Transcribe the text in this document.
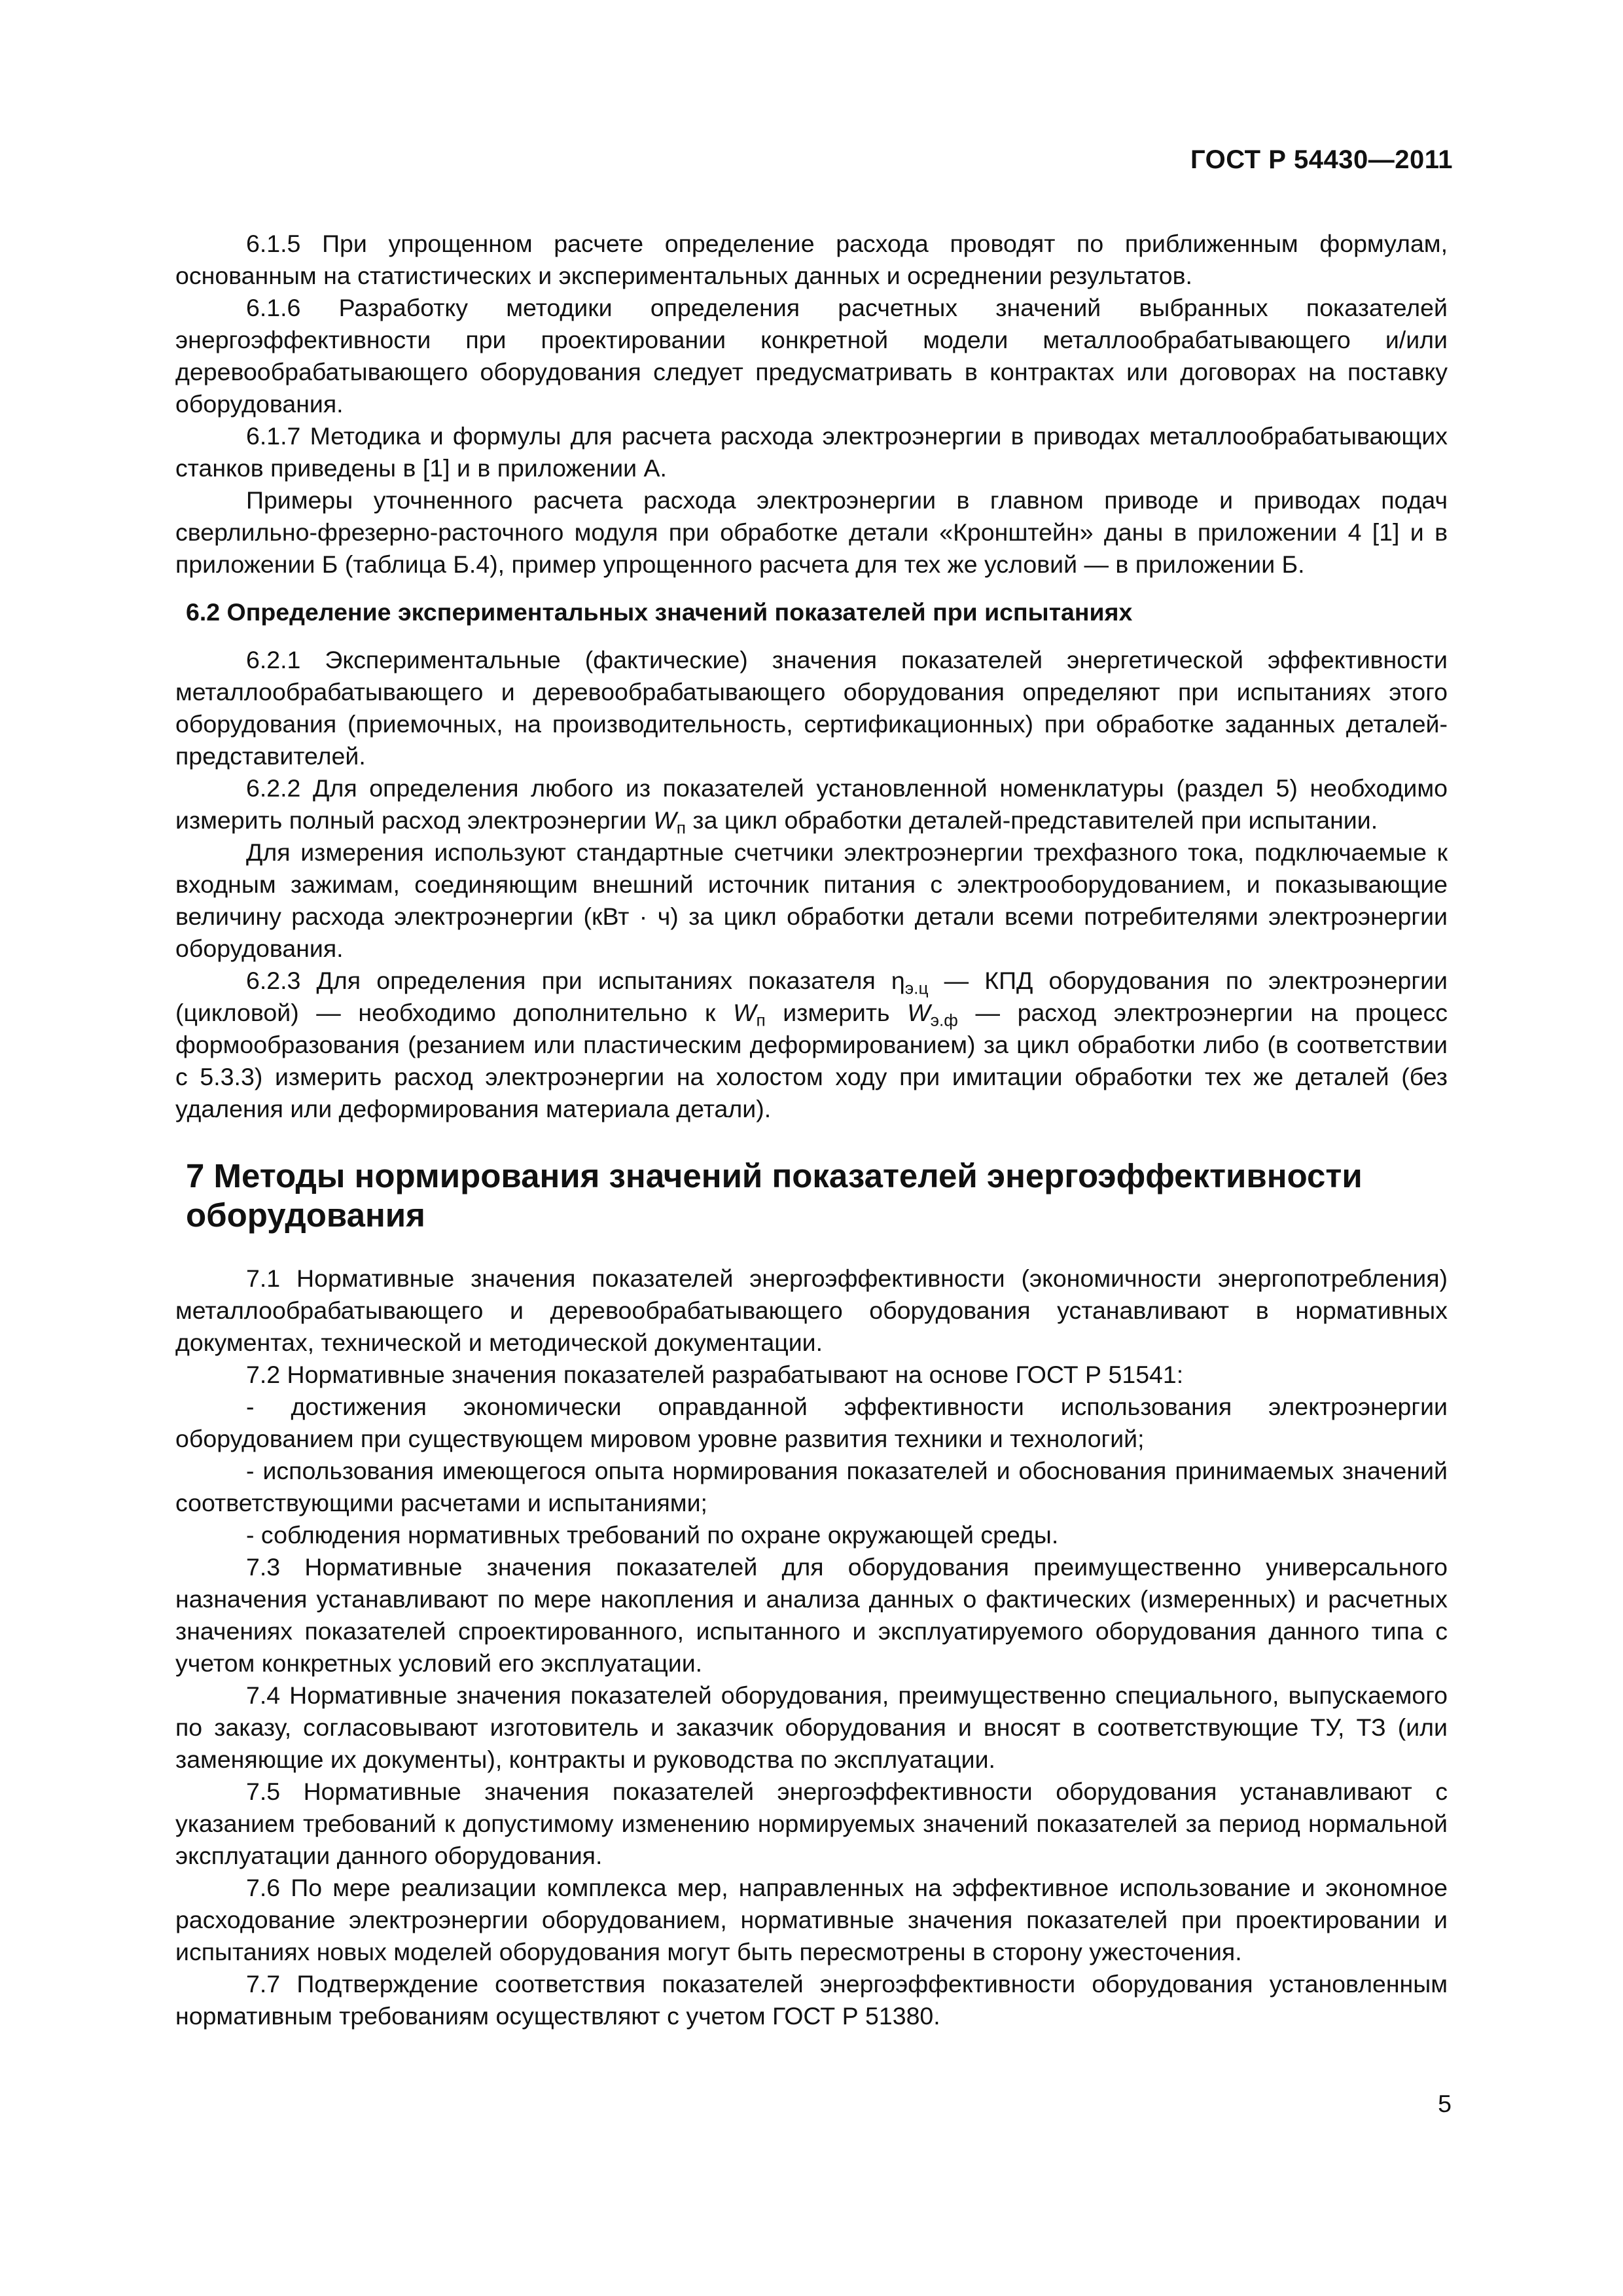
ГОСТ Р 54430—2011

6.1.5 При упрощенном расчете определение расхода проводят по приближенным формулам, основанным на статистических и экспериментальных данных и осреднении результатов.

6.1.6 Разработку методики определения расчетных значений выбранных показателей энергоэффективности при проектировании конкретной модели металлообрабатывающего и/или деревообрабатывающего оборудования следует предусматривать в контрактах или договорах на поставку оборудования.

6.1.7 Методика и формулы для расчета расхода электроэнергии в приводах металлообрабатывающих станков приведены в [1] и в приложении А.

Примеры уточненного расчета расхода электроэнергии в главном приводе и приводах подач сверлильно-фрезерно-расточного модуля при обработке детали «Кронштейн» даны в приложении 4 [1] и в приложении Б (таблица Б.4), пример упрощенного расчета для тех же условий — в приложении Б.

6.2 Определение экспериментальных значений показателей при испытаниях

6.2.1 Экспериментальные (фактические) значения показателей энергетической эффективности металлообрабатывающего и деревообрабатывающего оборудования определяют при испытаниях этого оборудования (приемочных, на производительность, сертификационных) при обработке заданных деталей-представителей.

6.2.2 Для определения любого из показателей установленной номенклатуры (раздел 5) необходимо измерить полный расход электроэнергии $W_п$ за цикл обработки деталей-представителей при испытании.

Для измерения используют стандартные счетчики электроэнергии трехфазного тока, подключаемые к входным зажимам, соединяющим внешний источник питания с электрооборудованием, и показывающие величину расхода электроэнергии (кВт · ч) за цикл обработки детали всеми потребителями электроэнергии оборудования.

6.2.3 Для определения при испытаниях показателя $\eta_{э.ц}$ — КПД оборудования по электроэнергии (цикловой) — необходимо дополнительно к $W_п$ измерить $W_{э.ф}$ — расход электроэнергии на процесс формообразования (резанием или пластическим деформированием) за цикл обработки либо (в соответствии с 5.3.3) измерить расход электроэнергии на холостом ходу при имитации обработки тех же деталей (без удаления или деформирования материала детали).

7 Методы нормирования значений показателей энергоэффективности оборудования

7.1 Нормативные значения показателей энергоэффективности (экономичности энергопотребления) металлообрабатывающего и деревообрабатывающего оборудования устанавливают в нормативных документах, технической и методической документации.

7.2 Нормативные значения показателей разрабатывают на основе ГОСТ Р 51541:

- достижения экономически оправданной эффективности использования электроэнергии оборудованием при существующем мировом уровне развития техники и технологий;

- использования имеющегося опыта нормирования показателей и обоснования принимаемых значений соответствующими расчетами и испытаниями;

- соблюдения нормативных требований по охране окружающей среды.

7.3 Нормативные значения показателей для оборудования преимущественно универсального назначения устанавливают по мере накопления и анализа данных о фактических (измеренных) и расчетных значениях показателей спроектированного, испытанного и эксплуатируемого оборудования данного типа с учетом конкретных условий его эксплуатации.

7.4 Нормативные значения показателей оборудования, преимущественно специального, выпускаемого по заказу, согласовывают изготовитель и заказчик оборудования и вносят в соответствующие ТУ, ТЗ (или заменяющие их документы), контракты и руководства по эксплуатации.

7.5 Нормативные значения показателей энергоэффективности оборудования устанавливают с указанием требований к допустимому изменению нормируемых значений показателей за период нормальной эксплуатации данного оборудования.

7.6 По мере реализации комплекса мер, направленных на эффективное использование и экономное расходование электроэнергии оборудованием, нормативные значения показателей при проектировании и испытаниях новых моделей оборудования могут быть пересмотрены в сторону ужесточения.

7.7 Подтверждение соответствия показателей энергоэффективности оборудования установленным нормативным требованиям осуществляют с учетом ГОСТ Р 51380.

5
